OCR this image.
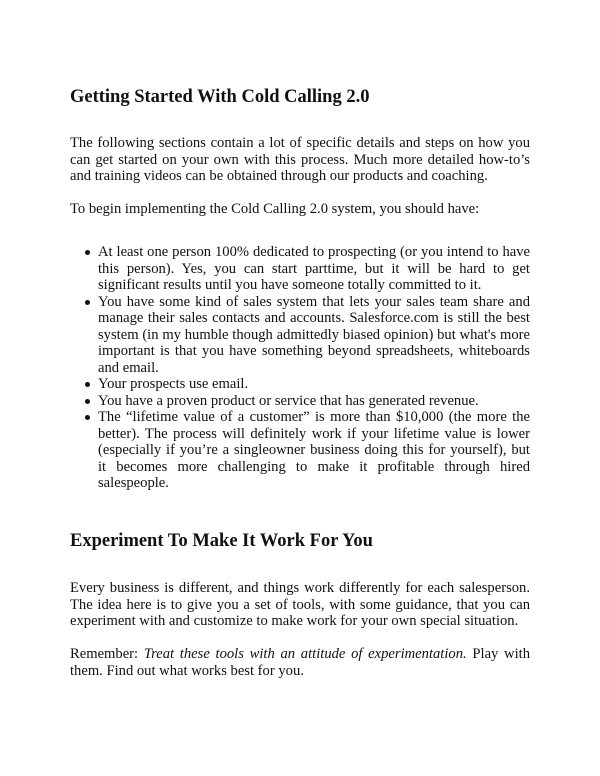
Getting Started With Cold Calling 2.0

The following sections contain a lot of specific details and steps on how you can get started on your own with this process. Much more detailed how-to’s and training videos can be obtained through our products and coaching.

To begin implementing the Cold Calling 2.0 system, you should have:

At least one person 100% dedicated to prospecting (or you intend to have this person). Yes, you can start parttime, but it will be hard to get significant results until you have someone totally committed to it.
You have some kind of sales system that lets your sales team share and manage their sales contacts and accounts. Salesforce.com is still the best system (in my humble though admittedly biased opinion) but what's more important is that you have something beyond spreadsheets, whiteboards and email.
Your prospects use email.
You have a proven product or service that has generated revenue.
The “lifetime value of a customer” is more than $10,000 (the more the better). The process will definitely work if your lifetime value is lower (especially if you’re a singleowner business doing this for yourself), but it becomes more challenging to make it profitable through hired salespeople.
Experiment To Make It Work For You

Every business is different, and things work differently for each salesperson. The idea here is to give you a set of tools, with some guidance, that you can experiment with and customize to make work for your own special situation.

Remember: Treat these tools with an attitude of experimentation. Play with them. Find out what works best for you.
